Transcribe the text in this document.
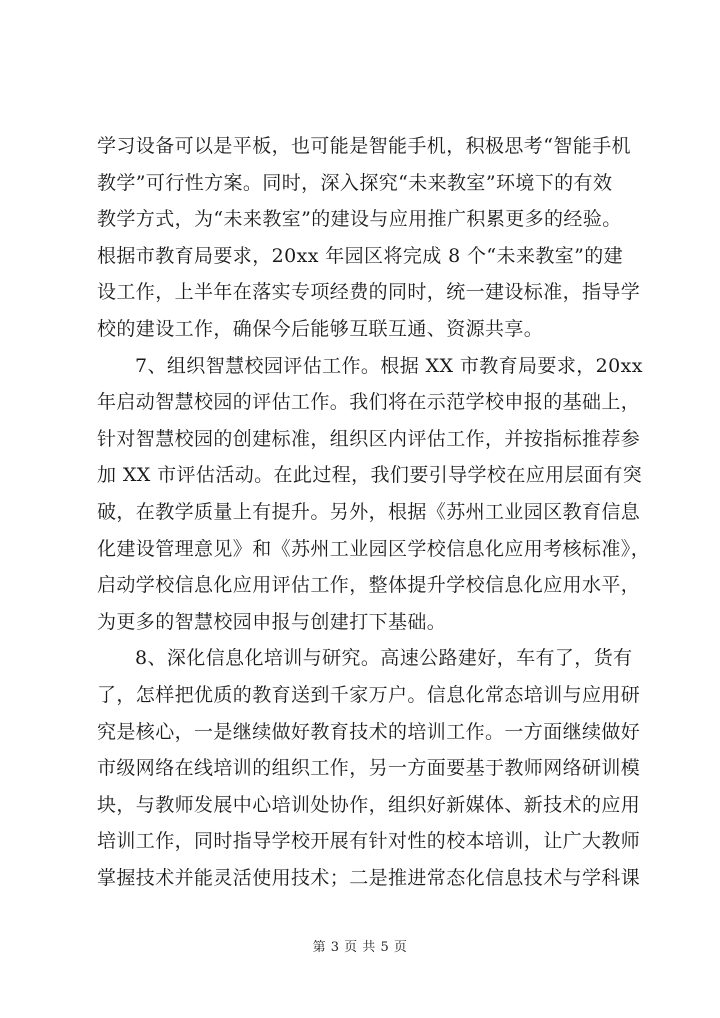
学习设备可以是平板，也可能是智能手机，积极思考“智能手机
教学”可行性方案。同时，深入探究“未来教室”环境下的有效
教学方式，为“未来教室”的建设与应用推广积累更多的经验。
根据市教育局要求，20xx 年园区将完成 8 个“未来教室”的建
设工作，上半年在落实专项经费的同时，统一建设标准，指导学
校的建设工作，确保今后能够互联互通、资源共享。
7、组织智慧校园评估工作。根据 XX 市教育局要求，20xx
年启动智慧校园的评估工作。我们将在示范学校申报的基础上，
针对智慧校园的创建标准，组织区内评估工作，并按指标推荐参
加 XX 市评估活动。在此过程，我们要引导学校在应用层面有突
破，在教学质量上有提升。另外，根据《苏州工业园区教育信息
化建设管理意见》和《苏州工业园区学校信息化应用考核标准》，
启动学校信息化应用评估工作，整体提升学校信息化应用水平，
为更多的智慧校园申报与创建打下基础。
8、深化信息化培训与研究。高速公路建好，车有了，货有
了，怎样把优质的教育送到千家万户。信息化常态培训与应用研
究是核心，一是继续做好教育技术的培训工作。一方面继续做好
市级网络在线培训的组织工作，另一方面要基于教师网络研训模
块，与教师发展中心培训处协作，组织好新媒体、新技术的应用
培训工作，同时指导学校开展有针对性的校本培训，让广大教师
掌握技术并能灵活使用技术；二是推进常态化信息技术与学科课
第 3 页 共 5 页
